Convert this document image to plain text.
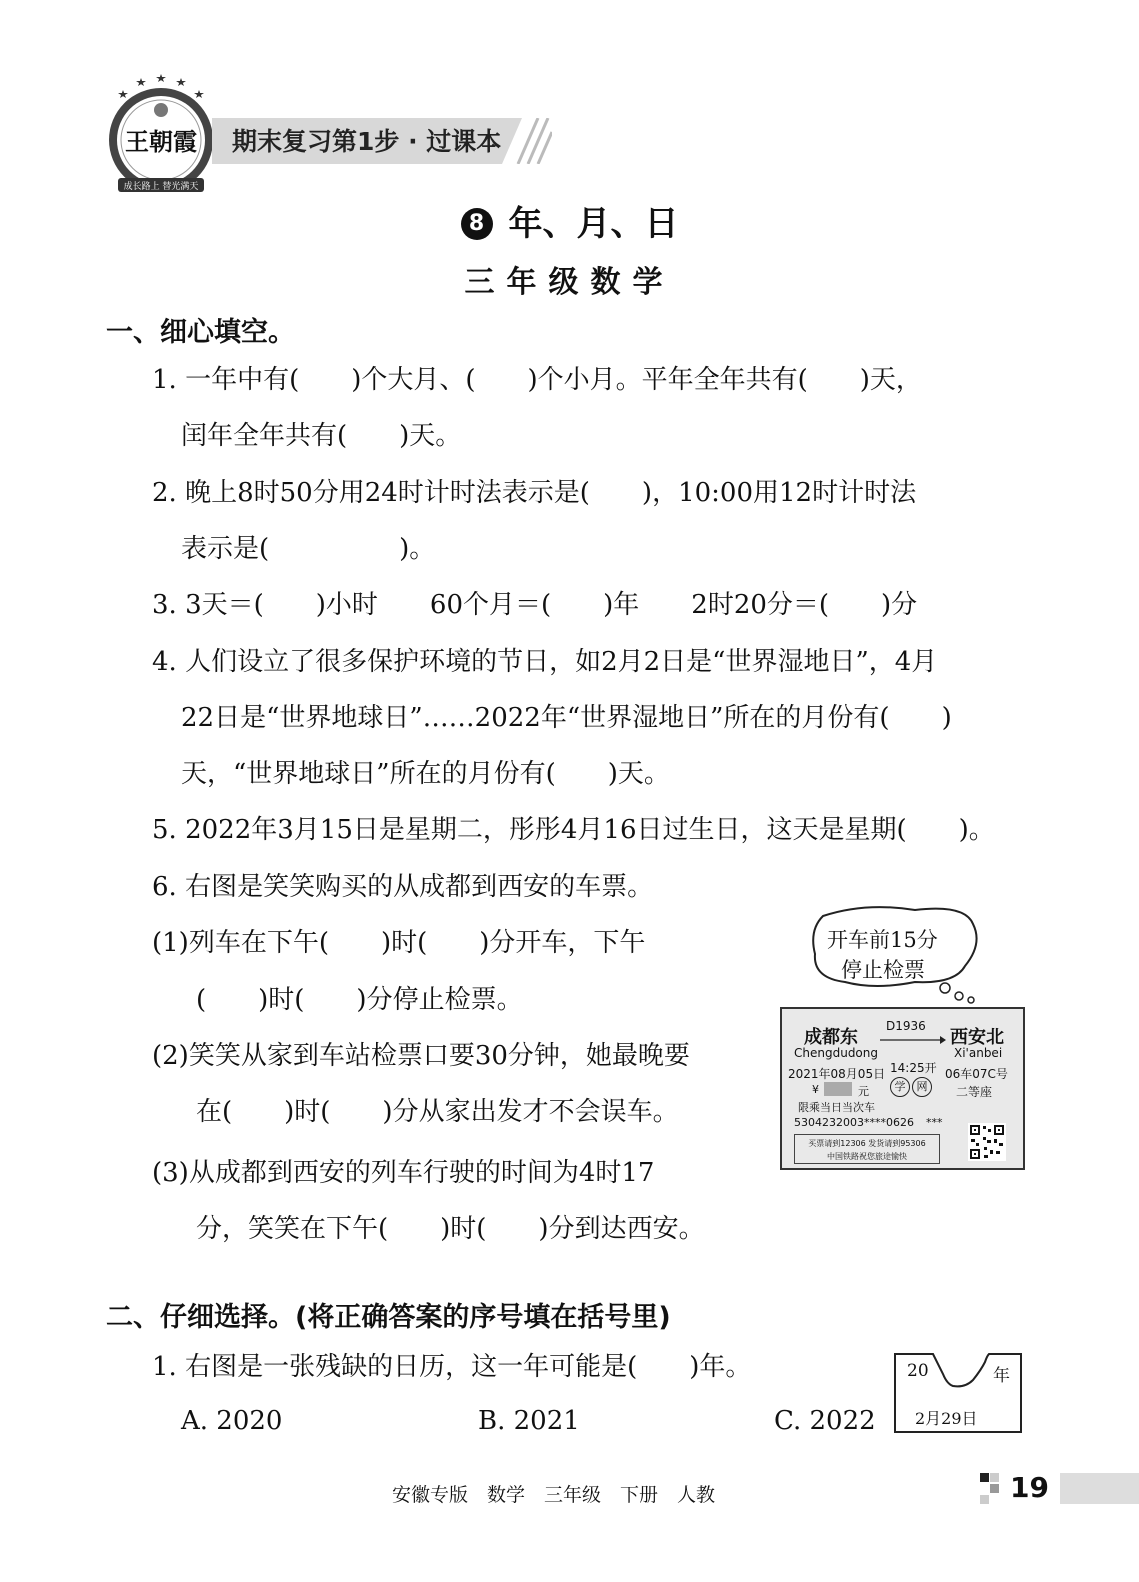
王朝霞
成长路上 替光满天
期末复习第1步 · 过课本
8 年、月、日
三年级数学
一、细心填空。
1. 一年中有(　　)个大月、(　　)个小月。平年全年共有(　　)天，
闰年全年共有(　　)天。
2. 晚上8时50分用24时计时法表示是(　　)，10:00用12时计时法
表示是(　　　　　)。
3. 3天＝(　　)小时　　60个月＝(　　)年　　2时20分＝(　　)分
4. 人们设立了很多保护环境的节日，如2月2日是“世界湿地日”，4月
22日是“世界地球日”……2022年“世界湿地日”所在的月份有(　　)
天，“世界地球日”所在的月份有(　　)天。
5. 2022年3月15日是星期二，彤彤4月16日过生日，这天是星期(　　)。
6. 右图是笑笑购买的从成都到西安的车票。
(1)列车在下午(　　)时(　　)分开车，下午
(　　)时(　　)分停止检票。
(2)笑笑从家到车站检票口要30分钟，她最晚要
在(　　)时(　　)分从家出发才不会误车。
(3)从成都到西安的列车行驶的时间为4时17
分，笑笑在下午(　　)时(　　)分到达西安。
开车前15分
停止检票
成都东
D1936
西安北
Chengdudong	Xi'anbei
2021年08月05日 14:25开 06车07C号
¥	元	学	网	二等座
限乘当日当次车
5304232003****0626 ***
买票请到12306 发货请到95306
中国铁路祝您旅途愉快
二、仔细选择。(将正确答案的序号填在括号里)
1. 右图是一张残缺的日历，这一年可能是(　　)年。
A. 2020	B. 2021	C. 2022
20	年
2月29日
安徽专版　数学　三年级　下册　人教	19
